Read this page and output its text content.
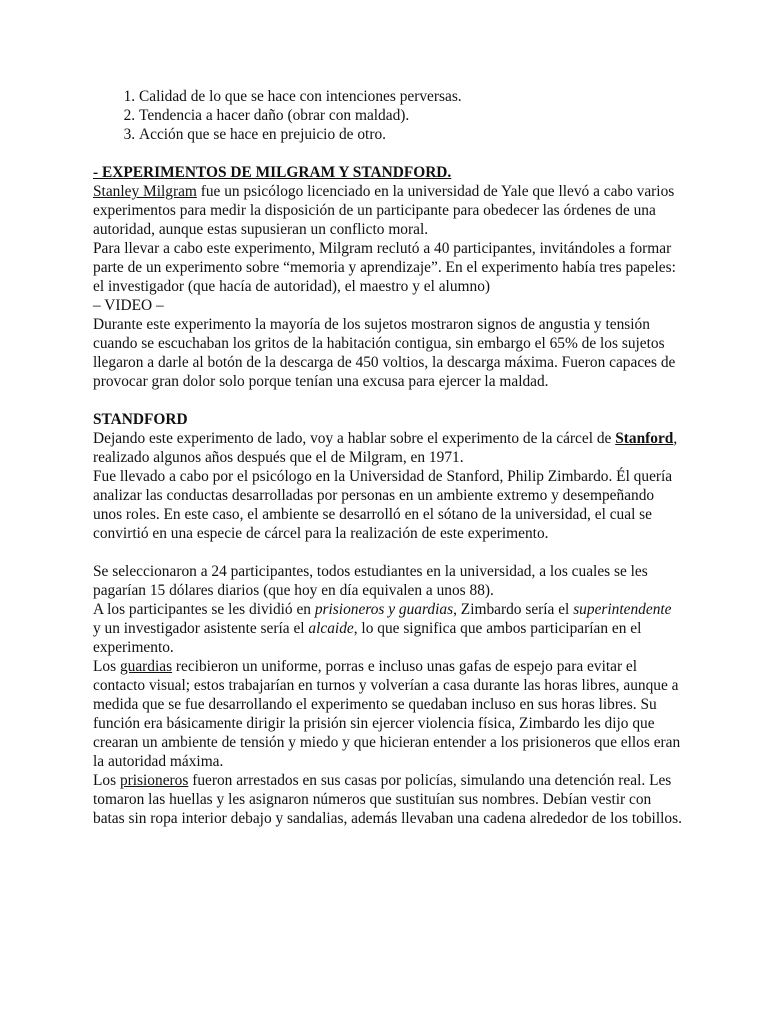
1. Calidad de lo que se hace con intenciones perversas.
2. Tendencia a hacer daño (obrar con maldad).
3. Acción que se hace en prejuicio de otro.

- EXPERIMENTOS DE MILGRAM Y STANDFORD.

Stanley Milgram fue un psicólogo licenciado en la universidad de Yale que llevó a cabo varios experimentos para medir la disposición de un participante para obedecer las órdenes de una autoridad, aunque estas supusieran un conflicto moral.

Para llevar a cabo este experimento, Milgram reclutó a 40 participantes, invitándoles a formar parte de un experimento sobre “memoria y aprendizaje”. En el experimento había tres papeles: el investigador (que hacía de autoridad), el maestro y el alumno)

– VIDEO –

Durante este experimento la mayoría de los sujetos mostraron signos de angustia y tensión cuando se escuchaban los gritos de la habitación contigua, sin embargo el 65% de los sujetos llegaron a darle al botón de la descarga de 450 voltios, la descarga máxima. Fueron capaces de provocar gran dolor solo porque tenían una excusa para ejercer la maldad.

STANDFORD

Dejando este experimento de lado, voy a hablar sobre el experimento de la cárcel de Stanford, realizado algunos años después que el de Milgram, en 1971.

Fue llevado a cabo por el psicólogo en la Universidad de Stanford, Philip Zimbardo. Él quería analizar las conductas desarrolladas por personas en un ambiente extremo y desempeñando unos roles. En este caso, el ambiente se desarrolló en el sótano de la universidad, el cual se convirtió en una especie de cárcel para la realización de este experimento.

Se seleccionaron a 24 participantes, todos estudiantes en la universidad, a los cuales se les pagarían 15 dólares diarios (que hoy en día equivalen a unos 88).

A los participantes se les dividió en prisioneros y guardias, Zimbardo sería el superintendente y un investigador asistente sería el alcaide, lo que significa que ambos participarían en el experimento.

Los guardias recibieron un uniforme, porras e incluso unas gafas de espejo para evitar el contacto visual; estos trabajarían en turnos y volverían a casa durante las horas libres, aunque a medida que se fue desarrollando el experimento se quedaban incluso en sus horas libres. Su función era básicamente dirigir la prisión sin ejercer violencia física, Zimbardo les dijo que crearan un ambiente de tensión y miedo y que hicieran entender a los prisioneros que ellos eran la autoridad máxima.

Los prisioneros fueron arrestados en sus casas por policías, simulando una detención real. Les tomaron las huellas y les asignaron números que sustituían sus nombres. Debían vestir con batas sin ropa interior debajo y sandalias, además llevaban una cadena alrededor de los tobillos.
